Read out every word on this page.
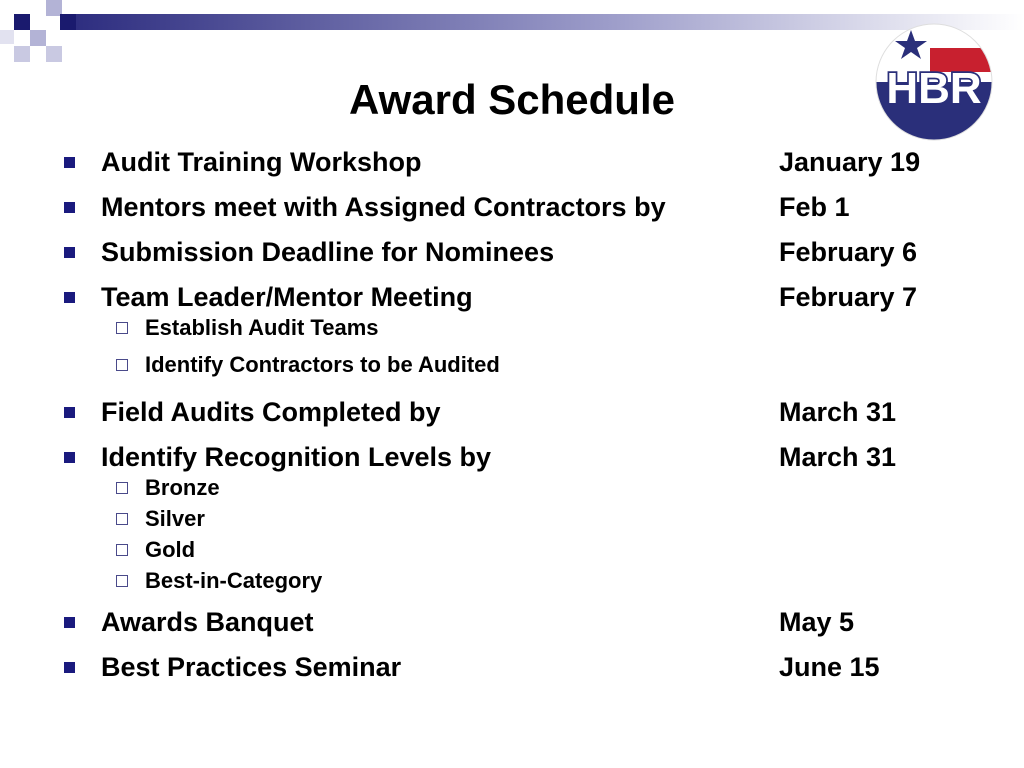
HBR
Award Schedule
Audit Training Workshop	January 19
Mentors meet with Assigned Contractors by	Feb 1
Submission Deadline for Nominees	February 6
Team Leader/Mentor Meeting	February 7
Establish Audit Teams
Identify Contractors to be Audited
Field Audits Completed by	March 31
Identify Recognition Levels by	March 31
Bronze
Silver
Gold
Best-in-Category
Awards Banquet	May 5
Best Practices Seminar	June 15
